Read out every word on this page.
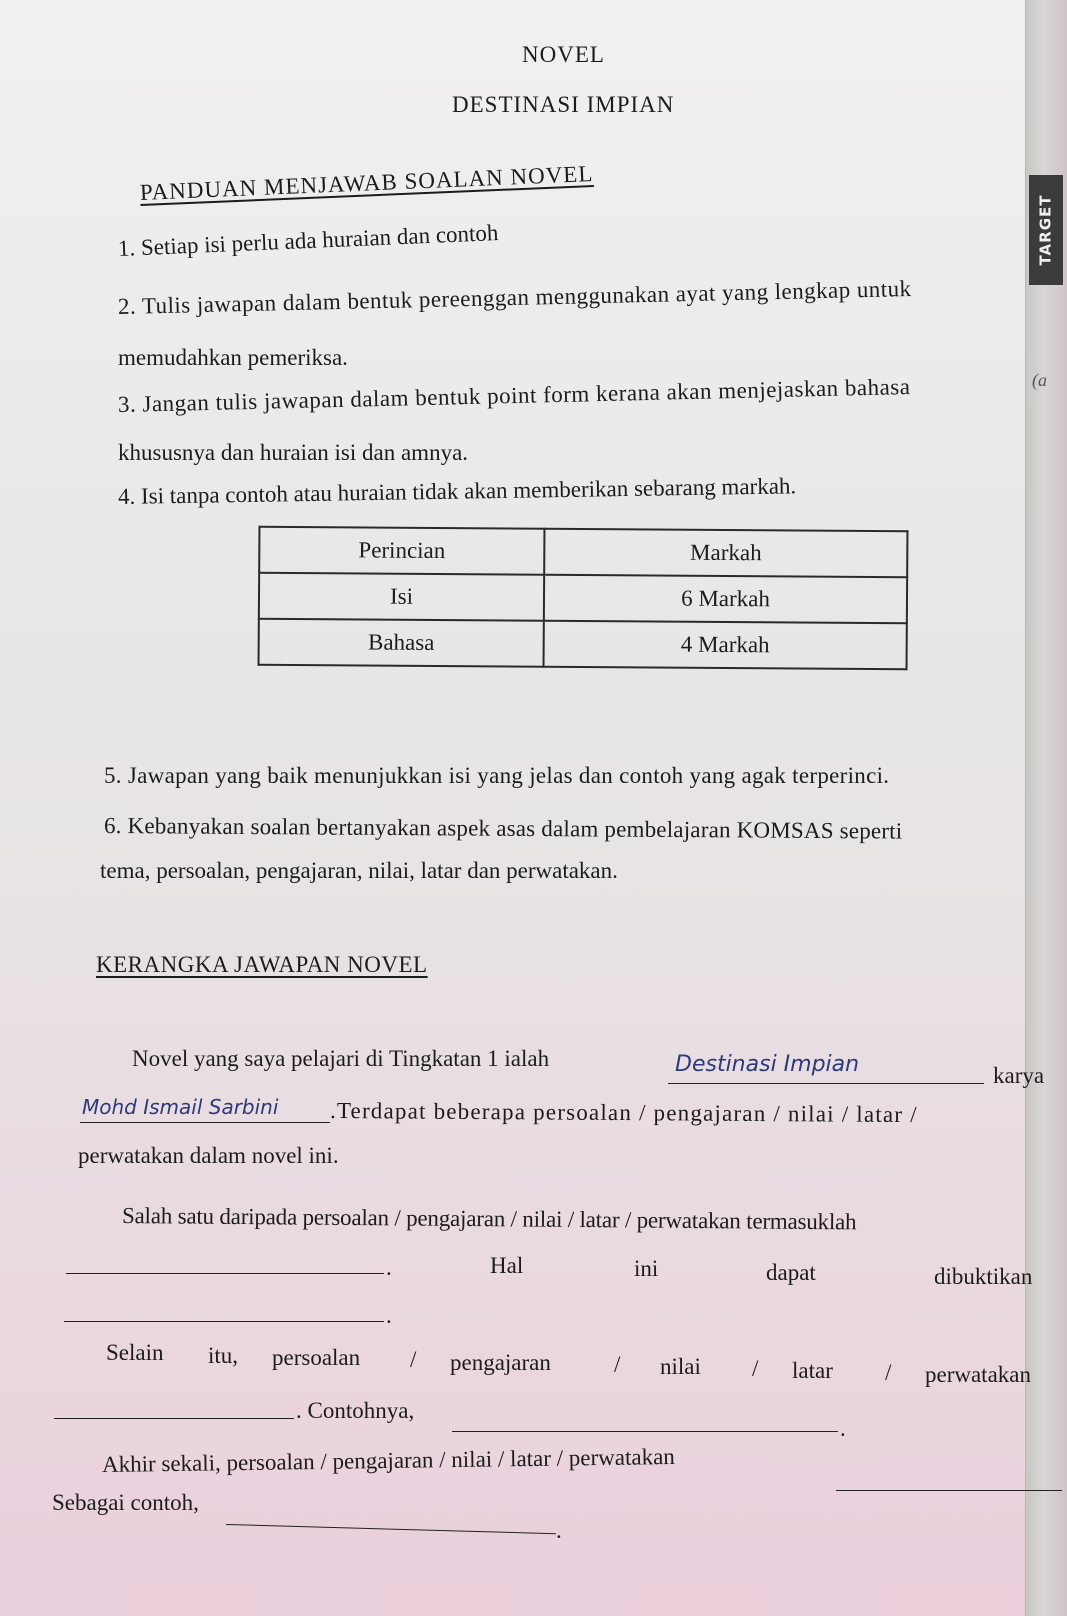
TARGET
(a
NOVEL
DESTINASI IMPIAN
PANDUAN MENJAWAB SOALAN NOVEL
1. Setiap isi perlu ada huraian dan contoh
2. Tulis jawapan dalam bentuk pereenggan menggunakan ayat yang lengkap untuk
memudahkan pemeriksa.
3. Jangan tulis jawapan dalam bentuk point form kerana akan menjejaskan bahasa
khususnya dan huraian isi dan amnya.
4. Isi tanpa contoh atau huraian tidak akan memberikan sebarang markah.
Perincian	Markah
Isi	6 Markah
Bahasa	4 Markah
5. Jawapan yang baik menunjukkan isi yang jelas dan contoh yang agak terperinci.
6. Kebanyakan soalan bertanyakan aspek asas dalam pembelajaran KOMSAS seperti
tema, persoalan, pengajaran, nilai, latar dan perwatakan.
KERANGKA JAWAPAN NOVEL
Novel yang saya pelajari di Tingkatan 1 ialah	Destinasi Impian	karya
Mohd Ismail Sarbini .Terdapat beberapa persoalan / pengajaran / nilai / latar /
perwatakan dalam novel ini.
Salah satu daripada persoalan / pengajaran / nilai / latar / perwatakan termasuklah
.	Hal	ini	dapat	dibuktikan
.
Selain itu, persoalan / pengajaran	/ nilai / latar / perwatakan
. Contohnya,
.
Akhir sekali, persoalan / pengajaran / nilai / latar / perwatakan
Sebagai contoh,
.
